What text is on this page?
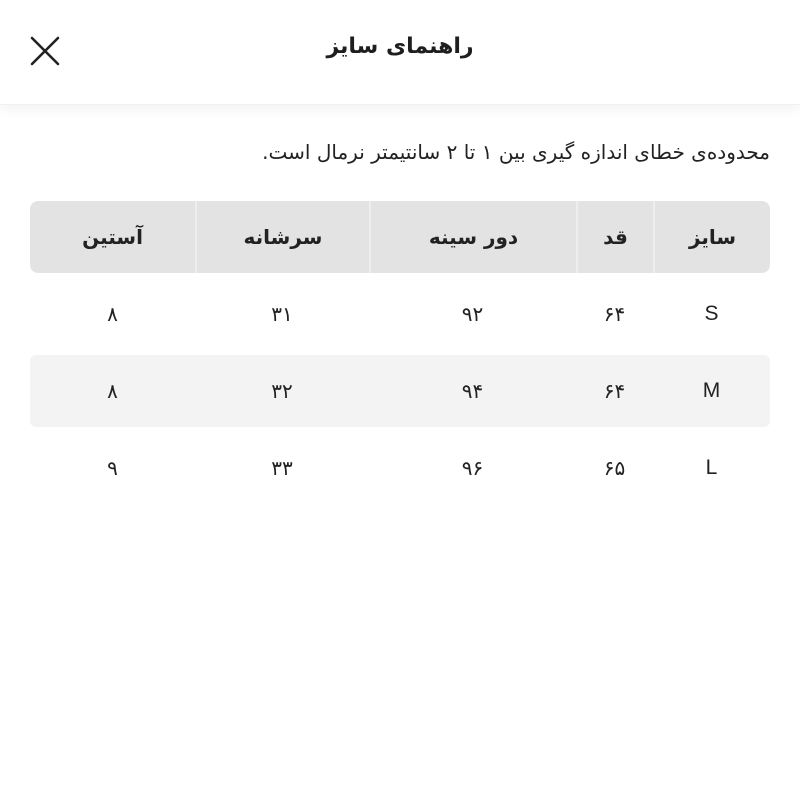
راهنمای سایز
محدوده‌ی خطای اندازه گیری بین ۱ تا ۲ سانتیمتر نرمال است.
سایز
قد
دور سینه
سرشانه
آستین
S
۶۴
۹۲
۳۱
۸
M
۶۴
۹۴
۳۲
۸
L
۶۵
۹۶
۳۳
۹
